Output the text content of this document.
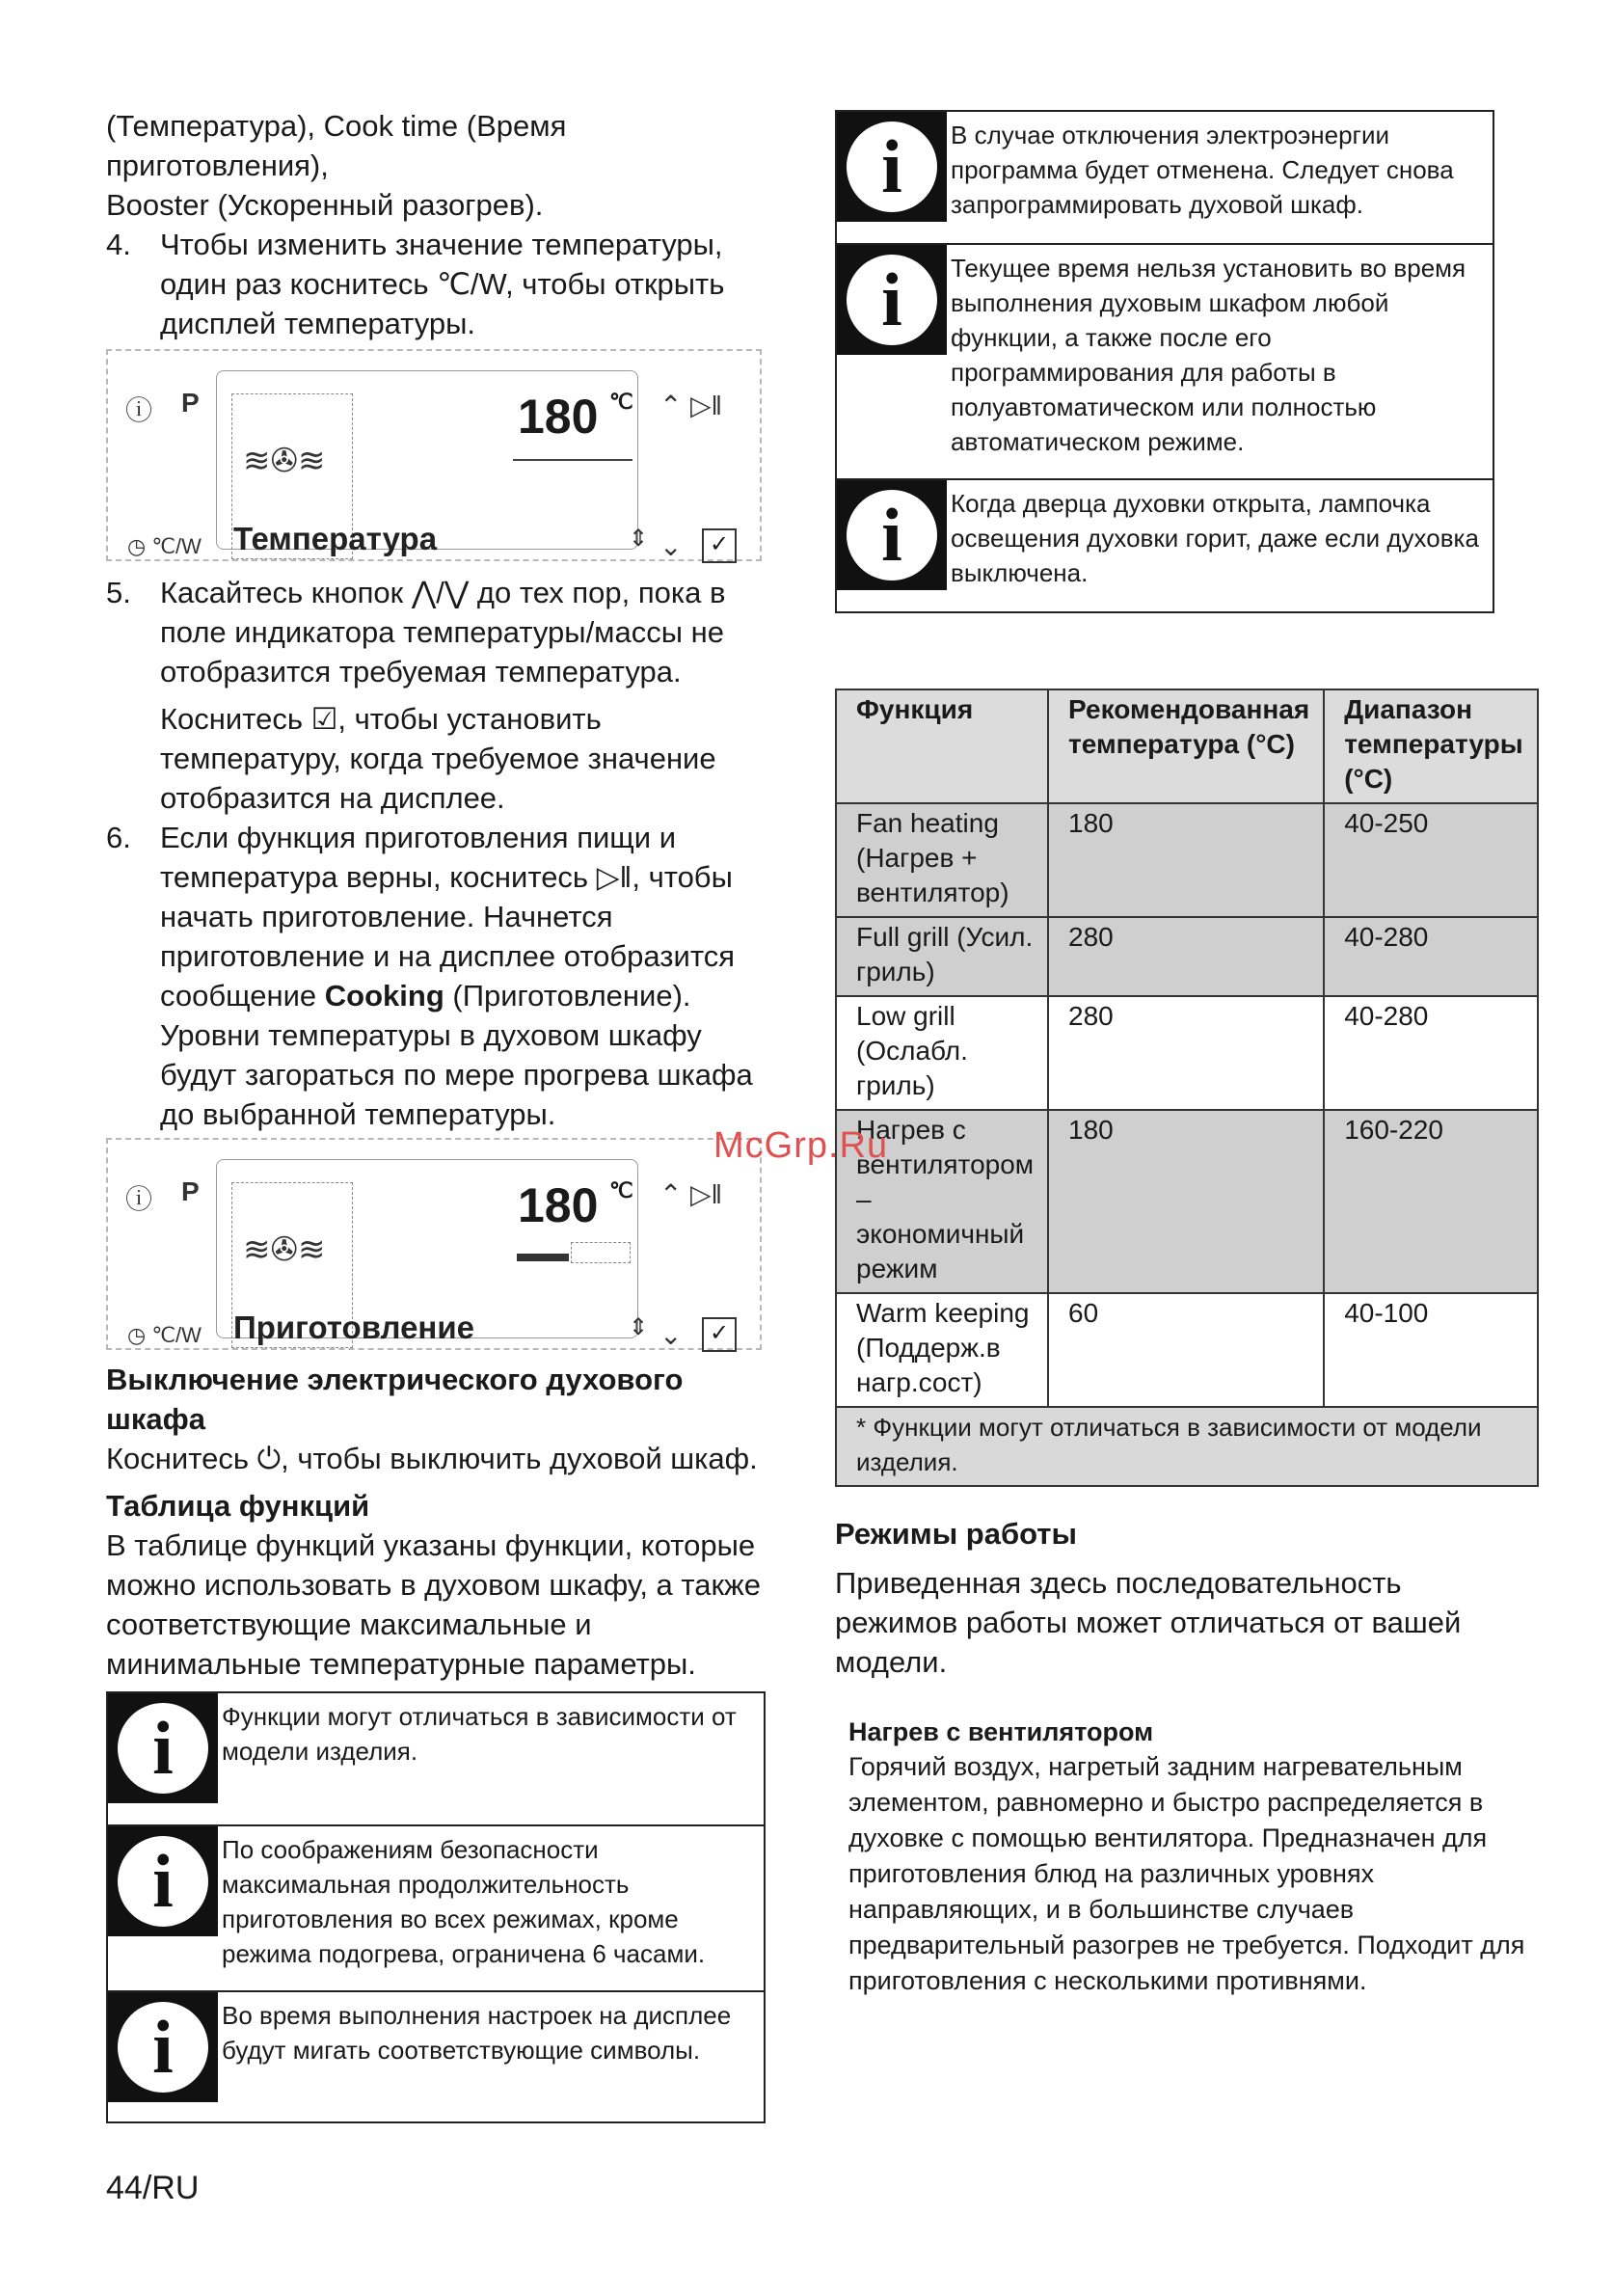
(Температура), Cook time (Время приготовления),

Booster (Ускоренный разогрев).

4. Чтобы изменить значение температуры, один раз коснитесь ℃/W, чтобы открыть дисплей температуры.
ⓘ P
≋✇≋
180 ℃ ⌃ ▷‖
◷ ℃/W Температура	⇕ ⌄	✓
5. Касайтесь кнопок ⋀/⋁ до тех пор, пока в поле индикатора температуры/массы не отобразится требуемая температура.

Коснитесь ☑, чтобы установить температуру, когда требуемое значение отобразится на дисплее.

6. Если функция приготовления пищи и температура верны, коснитесь ▷‖, чтобы начать приготовление. Начнется приготовление и на дисплее отобразится сообщение Cooking (Приготовление). Уровни температуры в духовом шкафу будут загораться по мере прогрева шкафа до выбранной температуры.
ⓘ P
≋✇≋
180 ℃ ⌃ ▷‖
◷ ℃/W Приготовление	⇕ ⌄	✓

Выключение электрического духового шкафа

Коснитесь ⏻, чтобы выключить духовой шкаф.

Таблица функций

В таблице функций указаны функции, которые можно использовать в духовом шкафу, а также соответствующие максимальные и минимальные температурные параметры.

i	Функции могут отличаться в зависимости от модели изделия.
i	По соображениям безопасности максимальная продолжительность приготовления во всех режимах, кроме режима подогрева, ограничена 6 часами.
i	Во время выполнения настроек на дисплее будут мигать соответствующие символы.
44/RU
i	В случае отключения электроэнергии программа будет отменена. Следует снова запрограммировать духовой шкаф.
i	Текущее время нельзя установить во время выполнения духовым шкафом любой функции, а также после его программирования для работы в полуавтоматическом или полностью автоматическом режиме.
i	Когда дверца духовки открыта, лампочка освещения духовки горит, даже если духовка выключена.
Функция	Рекомендованная температура (°C)	Диапазон температуры (°C)
Fan heating (Нагрев + вентилятор)	180	40-250
Full grill (Усил. гриль)	280	40-280
Low grill (Ослабл. гриль)	280	40-280
Нагрев с вентилятором – экономичный режим	180	160-220
Warm keeping (Поддерж.в нагр.сост)	60	40-100
* Функции могут отличаться в зависимости от модели изделия.		

Режимы работы

Приведенная здесь последовательность режимов работы может отличаться от вашей модели.

Нагрев с вентилятором

Горячий воздух, нагретый задним нагревательным элементом, равномерно и быстро распределяется в духовке с помощью вентилятора. Предназначен для приготовления блюд на различных уровнях направляющих, и в большинстве случаев предварительный разогрев не требуется. Подходит для приготовления с несколькими противнями.

McGrp.Ru
